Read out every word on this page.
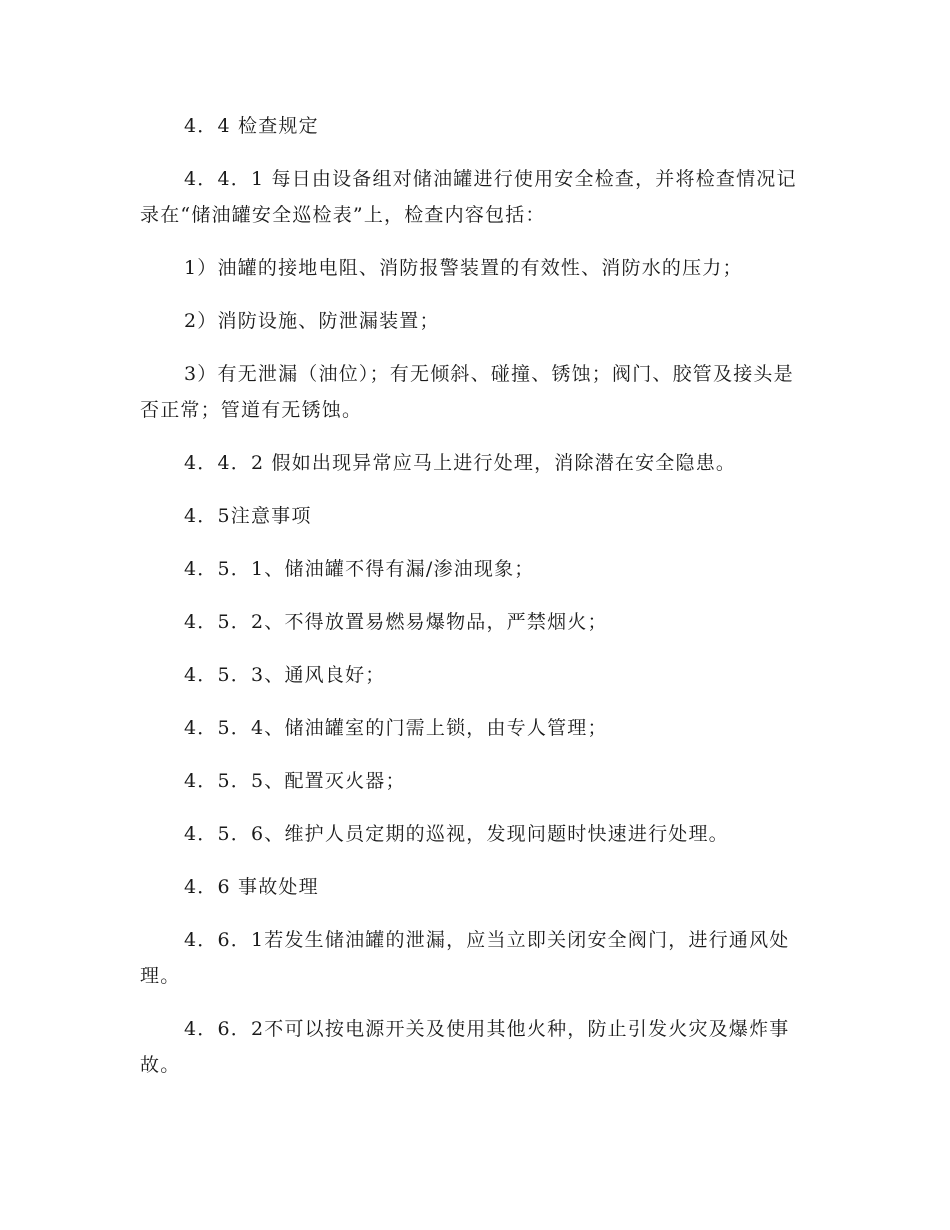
4．4 检查规定

4．4．1 每日由设备组对储油罐进行使用安全检查，并将检查情况记录在“储油罐安全巡检表”上，检查内容包括：

1）油罐的接地电阻、消防报警装置的有效性、消防水的压力；

2）消防设施、防泄漏装置；

3）有无泄漏（油位）；有无倾斜、碰撞、锈蚀；阀门、胶管及接头是否正常；管道有无锈蚀。

4．4．2 假如出现异常应马上进行处理，消除潜在安全隐患。

4．5注意事项

4．5．1、储油罐不得有漏/渗油现象；

4．5．2、不得放置易燃易爆物品，严禁烟火；

4．5．3、通风良好；

4．5．4、储油罐室的门需上锁，由专人管理；

4．5．5、配置灭火器；

4．5．6、维护人员定期的巡视，发现问题时快速进行处理。

4．6 事故处理

4．6．1若发生储油罐的泄漏，应当立即关闭安全阀门，进行通风处理。

4．6．2不可以按电源开关及使用其他火种，防止引发火灾及爆炸事故。
